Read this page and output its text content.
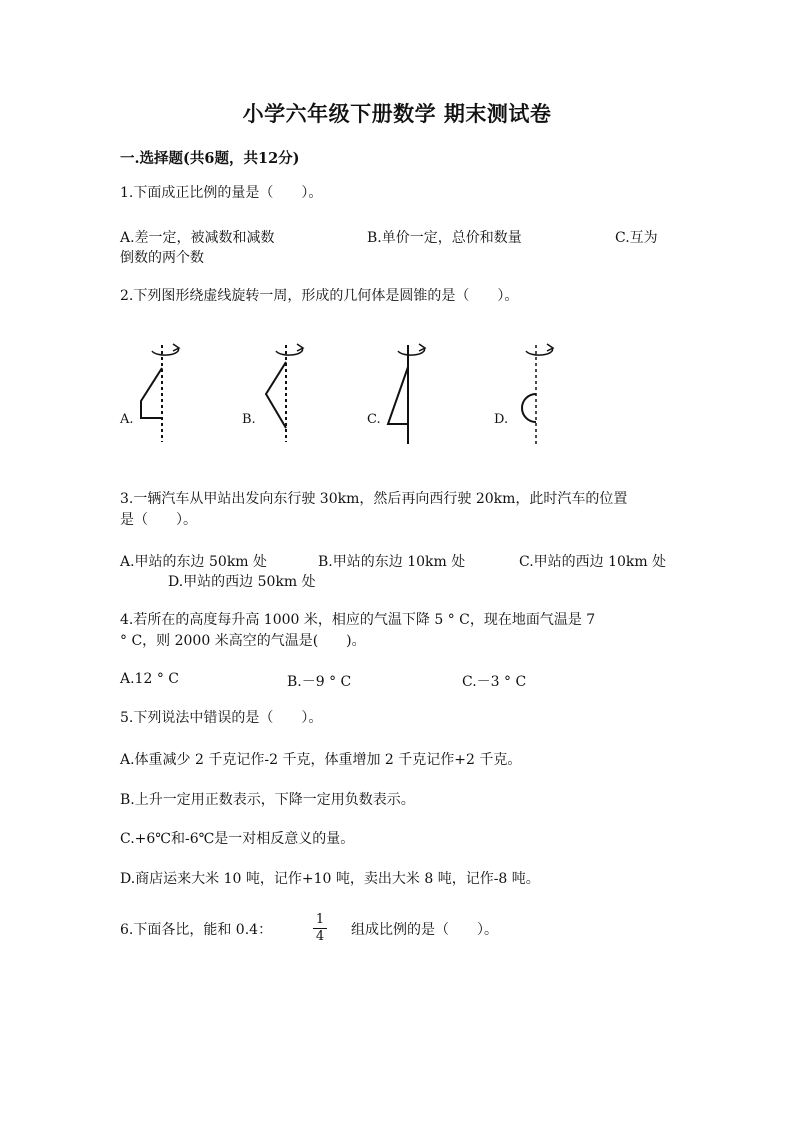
小学六年级下册数学 期末测试卷
一.选择题(共6题，共12分)
1.下面成正比例的量是（　　）。
A.差一定，被减数和减数	B.单价一定，总价和数量	C.互为
倒数的两个数
2.下列图形绕虚线旋转一周，形成的几何体是圆锥的是（　　）。
A.	B.	C.	D.
3.一辆汽车从甲站出发向东行驶 30km，然后再向西行驶 20km，此时汽车的位置
是（　　）。
A.甲站的东边 50km 处	B.甲站的东边 10km 处	C.甲站的西边 10km 处
D.甲站的西边 50km 处
4.若所在的高度每升高 1000 米，相应的气温下降 5 ° C，现在地面气温是 7
° C，则 2000 米高空的气温是(　　)。
A.12 ° C	B.－9 ° C	C.－3 ° C
5.下列说法中错误的是（　　）。
A.体重减少 2 千克记作-2 千克，体重增加 2 千克记作+2 千克。
B.上升一定用正数表示，下降一定用负数表示。
C.+6℃和-6℃是一对相反意义的量。
D.商店运来大米 10 吨，记作+10 吨，卖出大米 8 吨，记作-8 吨。
6.下面各比，能和 0.4：	$\frac{1}{4}$ 组成比例的是（　　）。
